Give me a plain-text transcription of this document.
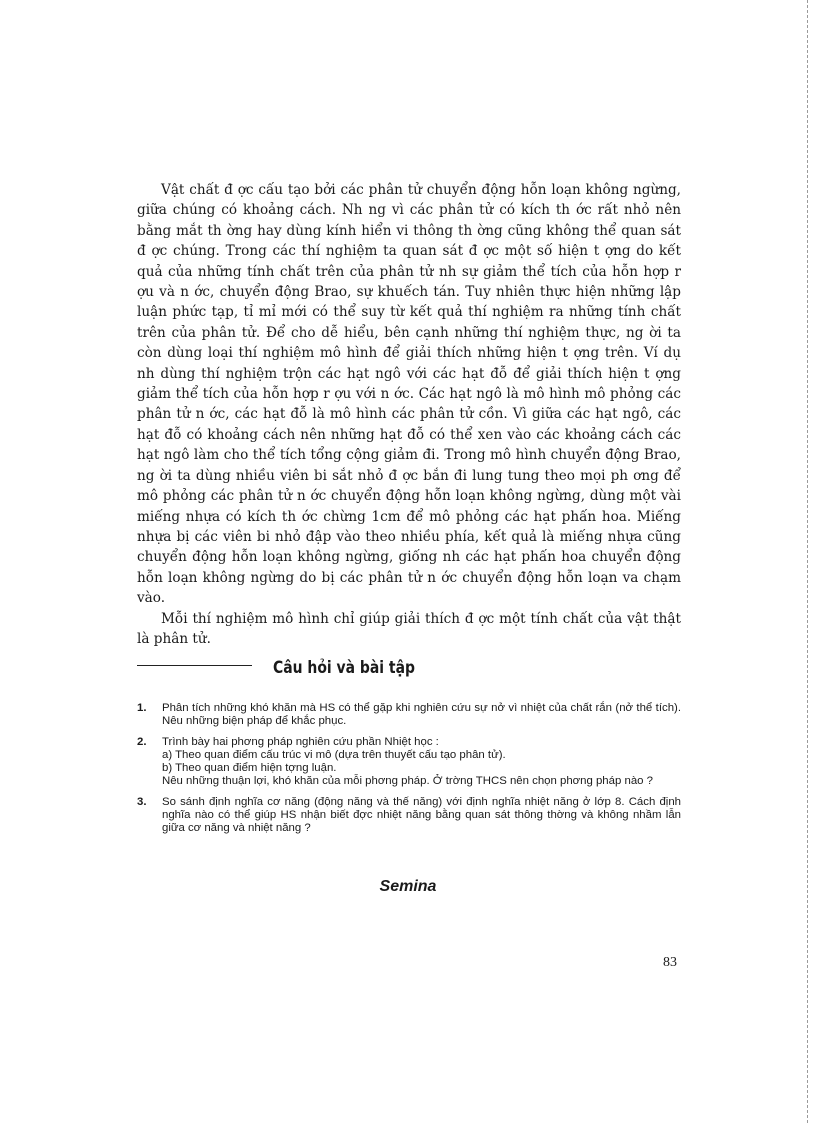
Vật chất đ ợc cấu tạo bởi các phân tử chuyển động hỗn loạn không ngừng, giữa chúng có khoảng cách. Nh ng vì các phân tử có kích th ớc rất nhỏ nên bằng mắt th ờng hay dùng kính hiển vi thông th ờng cũng không thể quan sát đ ợc chúng. Trong các thí nghiệm ta quan sát đ ợc một số hiện t ợng do kết quả của những tính chất trên của phân tử nh sự giảm thể tích của hỗn hợp r ợu và n ớc, chuyển động Brao, sự khuếch tán. Tuy nhiên thực hiện những lập luận phức tạp, tỉ mỉ mới có thể suy từ kết quả thí nghiệm ra những tính chất trên của phân tử. Để cho dễ hiểu, bên cạnh những thí nghiệm thực, ng ời ta còn dùng loại thí nghiệm mô hình để giải thích những hiện t ợng trên. Ví dụ nh dùng thí nghiệm trộn các hạt ngô với các hạt đỗ để giải thích hiện t ợng giảm thể tích của hỗn hợp r ợu với n ớc. Các hạt ngô là mô hình mô phỏng các phân tử n ớc, các hạt đỗ là mô hình các phân tử cồn. Vì giữa các hạt ngô, các hạt đỗ có khoảng cách nên những hạt đỗ có thể xen vào các khoảng cách các hạt ngô làm cho thể tích tổng cộng giảm đi. Trong mô hình chuyển động Brao, ng ời ta dùng nhiều viên bi sắt nhỏ đ ợc bắn đi lung tung theo mọi ph ơng để mô phỏng các phân tử n ớc chuyển động hỗn loạn không ngừng, dùng một vài miếng nhựa có kích th ớc chừng 1cm để mô phỏng các hạt phấn hoa. Miếng nhựa bị các viên bi nhỏ đập vào theo nhiều phía, kết quả là miếng nhựa cũng chuyển động hỗn loạn không ngừng, giống nh các hạt phấn hoa chuyển động hỗn loạn không ngừng do bị các phân tử n ớc chuyển động hỗn loạn va chạm vào.

Mỗi thí nghiệm mô hình chỉ giúp giải thích đ ợc một tính chất của vật thật là phân tử.

Câu hỏi và bài tập
1.	Phân tích những khó khăn mà HS có thể gặp khi nghiên cứu sự nở vì nhiệt của chất rắn (nở thể tích). Nêu những biện pháp để khắc phục.
2.	Trình bày hai phơng pháp nghiên cứu phần Nhiệt học :
a) Theo quan điểm cấu trúc vi mô (dựa trên thuyết cấu tạo phân tử).
b) Theo quan điểm hiện tợng luận.
Nêu những thuận lợi, khó khăn của mỗi phơng pháp. Ở trờng THCS nên chọn phơng pháp nào ?
3.	So sánh định nghĩa cơ năng (động năng và thế năng) với định nghĩa nhiệt năng ở lớp 8. Cách định nghĩa nào có thể giúp HS nhận biết đợc nhiệt năng bằng quan sát thông thờng và không nhầm lẫn giữa cơ năng và nhiệt năng ?
Semina
83
